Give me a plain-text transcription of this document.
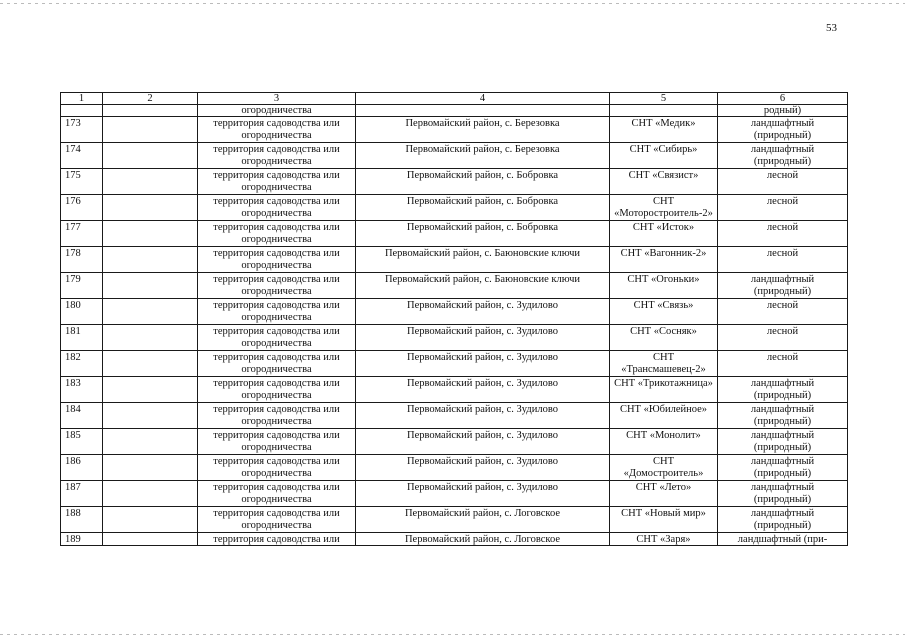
53
1	2	3	4	5	6
		огородничества			родный)
173		территория садоводства или огородничества	Первомайский район, с. Березовка	СНТ «Медик»	ландшафтный (природный)
174		территория садоводства или огородничества	Первомайский район, с. Березовка	СНТ «Сибирь»	ландшафтный (природный)
175		территория садоводства или огородничества	Первомайский район, с. Бобровка	СНТ «Связист»	лесной
176		территория садоводства или огородничества	Первомайский район, с. Бобровка	СНТ «Моторостроитель-2»	лесной
177		территория садоводства или огородничества	Первомайский район, с. Бобровка	СНТ «Исток»	лесной
178		территория садоводства или огородничества	Первомайский район, с. Баюновские ключи	СНТ «Вагонник-2»	лесной
179		территория садоводства или огородничества	Первомайский район, с. Баюновские ключи	СНТ «Огоньки»	ландшафтный (природный)
180		территория садоводства или огородничества	Первомайский район, с. Зудилово	СНТ «Связь»	лесной
181		территория садоводства или огородничества	Первомайский район, с. Зудилово	СНТ «Сосняк»	лесной
182		территория садоводства или огородничества	Первомайский район, с. Зудилово	СНТ «Трансмашевец-2»	лесной
183		территория садоводства или огородничества	Первомайский район, с. Зудилово	СНТ «Трикотажница»	ландшафтный (природный)
184		территория садоводства или огородничества	Первомайский район, с. Зудилово	СНТ «Юбилейное»	ландшафтный (природный)
185		территория садоводства или огородничества	Первомайский район, с. Зудилово	СНТ «Монолит»	ландшафтный (природный)
186		территория садоводства или огородничества	Первомайский район, с. Зудилово	СНТ «Домостроитель»	ландшафтный (природный)
187		территория садоводства или огородничества	Первомайский район, с. Зудилово	СНТ «Лето»	ландшафтный (природный)
188		территория садоводства или огородничества	Первомайский район, с. Логовское	СНТ «Новый мир»	ландшафтный (природный)
189		территория садоводства или	Первомайский район, с. Логовское	СНТ «Заря»	ландшафтный (при-
